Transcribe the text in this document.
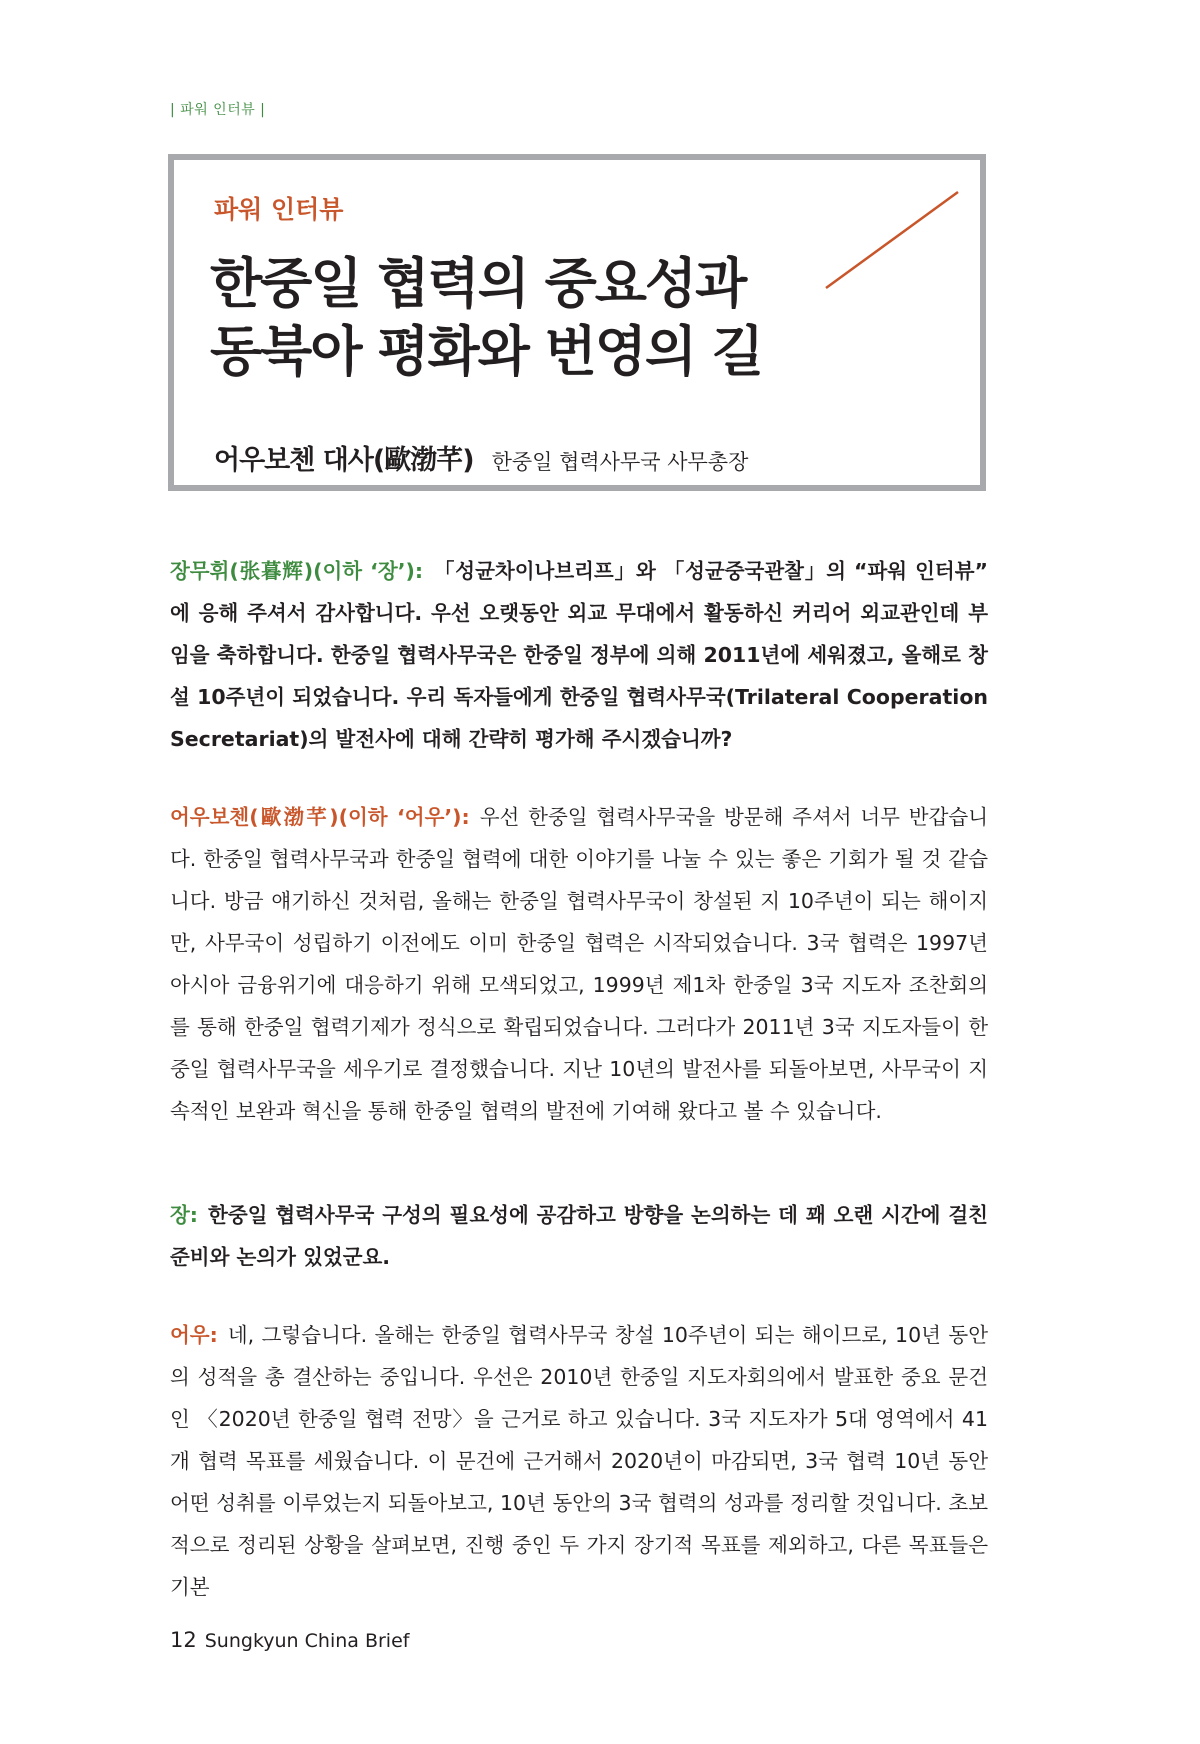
| 파워 인터뷰 |
파워 인터뷰
한중일 협력의 중요성과
동북아 평화와 번영의 길
어우보첸 대사(歐渤芊) 한중일 협력사무국 사무총장

장무휘(张暮辉)(이하 ‘장’): 「성균차이나브리프」와 「성균중국관찰」의 “파워 인터뷰” 에 응해 주셔서 감사합니다. 우선 오랫동안 외교 무대에서 활동하신 커리어 외교관인데 부임을 축하합니다. 한중일 협력사무국은 한중일 정부에 의해 2011년에 세워졌고, 올해로 창설 10주년이 되었습니다. 우리 독자들에게 한중일 협력사무국(Trilateral Cooperation Secretariat)의 발전사에 대해 간략히 평가해 주시겠습니까?

어우보첸(歐渤芊)(이하 ‘어우’): 우선 한중일 협력사무국을 방문해 주셔서 너무 반갑습니다. 한중일 협력사무국과 한중일 협력에 대한 이야기를 나눌 수 있는 좋은 기회가 될 것 같습니다. 방금 얘기하신 것처럼, 올해는 한중일 협력사무국이 창설된 지 10주년이 되는 해이지만, 사무국이 성립하기 이전에도 이미 한중일 협력은 시작되었습니다. 3국 협력은 1997년 아시아 금융위기에 대응하기 위해 모색되었고, 1999년 제1차 한중일 3국 지도자 조찬회의를 통해 한중일 협력기제가 정식으로 확립되었습니다. 그러다가 2011년 3국 지도자들이 한중일 협력사무국을 세우기로 결정했습니다. 지난 10년의 발전사를 되돌아보면, 사무국이 지속적인 보완과 혁신을 통해 한중일 협력의 발전에 기여해 왔다고 볼 수 있습니다.

장: 한중일 협력사무국 구성의 필요성에 공감하고 방향을 논의하는 데 꽤 오랜 시간에 걸친 준비와 논의가 있었군요.

어우: 네, 그렇습니다. 올해는 한중일 협력사무국 창설 10주년이 되는 해이므로, 10년 동안의 성적을 총 결산하는 중입니다. 우선은 2010년 한중일 지도자회의에서 발표한 중요 문건인 〈2020년 한중일 협력 전망〉을 근거로 하고 있습니다. 3국 지도자가 5대 영역에서 41개 협력 목표를 세웠습니다. 이 문건에 근거해서 2020년이 마감되면, 3국 협력 10년 동안 어떤 성취를 이루었는지 되돌아보고, 10년 동안의 3국 협력의 성과를 정리할 것입니다. 초보적으로 정리된 상황을 살펴보면, 진행 중인 두 가지 장기적 목표를 제외하고, 다른 목표들은 기본

12 Sungkyun China Brief
